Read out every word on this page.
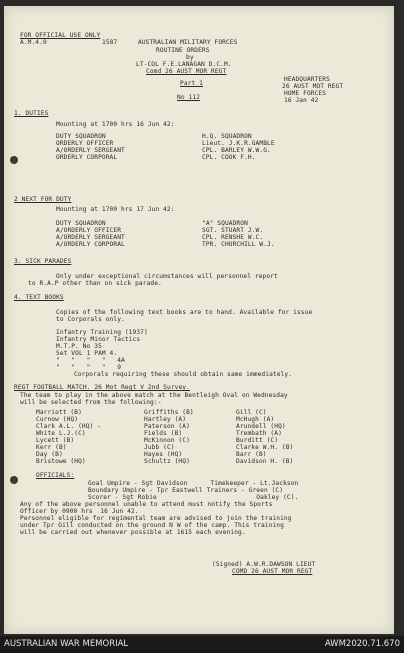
FOR OFFICIAL USE ONLY
A.M.4.0	1587	AUSTRALIAN MILITARY FORCES
ROUTINE ORDERS
by
LT-COL F.E.LANAGAN D.C.M.
Comd 26 AUST MOR REGT
Part 1
No 112
HEADQUARTERS
26 AUST MOT REGT
HOME FORCES
16 Jan 42
1. DUTIES
Mounting at 1700 hrs 16 Jun 42:
DUTY SQUADRON	H.Q. SQUADRON
ORDERLY OFFICER	Lieut. J.K.R.GAMBLE
A/ORDERLY SERGEANT	CPL. BARLEY W.W.G.
ORDERLY CORPORAL	CPL. COOK F.H.
2 NEXT FOR DUTY
Mounting at 1700 hrs 17 Jun 42:
DUTY SQUADRON	"A" SQUADRON
A/ORDERLY OFFICER	SGT. STUART J.W.
A/ORDERLY SERGEANT	CPL. RENSHE W.C.
A/ORDERLY CORPORAL	TPR. CHURCHILL W.J.
3. SICK PARADES
Only under exceptional circumstances will personnel report
to R.A.P other than on sick parade.
4. TEXT BOOKS
Copies of the following text books are to hand. Available for issue
to Corporals only.
Infantry Training (1937)
Infantry Minor Tactics
M.T.P. No 35
Set VOL 1 PAM 4.
"   "   "   "   4A
"   "   "   "   9
Corporals requiring these should obtain same immediately.
REGT FOOTBALL MATCH. 26 Mot Regt V 2nd Survey.
The team to play in the above match at the Bentleigh Oval on Wednesday
will be selected from the following:-
Marriott (B)	Griffiths (B)	Gill (C)
Curnow (HQ)	Hartley (A)	McHugh (A)
Clark A.L. (HQ) -	Paterson (A)	Arundell (HQ)
White L.J.(C)	Fields (B)	Trembath (A)
Lycett (B)	McKinnon (C)	Burditt (C)
Kerr (B)	Jubb (C)	Clarke W.H. (B)
Day (B)	Hayes (HQ)	Barr (B)
Bristowe (HQ)	Schultz (HQ)	Davidson H. (B)
OFFICIALS:
Goal Umpire - Sgt Davidson      Timekeeper - Lt.Jackson
Boundary Umpire - Tpr Eastwell Trainers - Green (C)
Scorer - Sgt Robie                          Oakley (C).
Any of the above personnel unable to attend must notify the Sports
Officer by 0900 hrs  16 Jun 42.
Personnel eligible for regimental team are advised to join the training
under Tpr Gill conducted on the ground N W of the camp. This training
will be carried out whenever possible at 1615 each evening.
(Signed) A.W.R.DAWSON LIEUT
COMD 26 AUST MOR REGT
AUSTRALIAN WAR MEMORIAL	AWM2020.71.670
